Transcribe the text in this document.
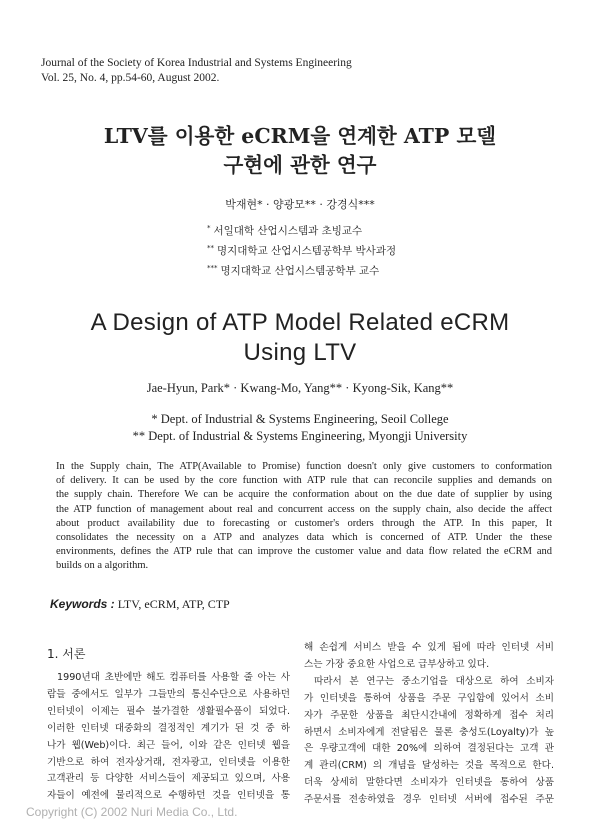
Journal of the Society of Korea Industrial and Systems Engineering
Vol. 25, No. 4, pp.54-60, August 2002.
LTV를 이용한 eCRM을 연계한 ATP 모델
구현에 관한 연구
박재현* · 양광모** · 강경식***
* 서일대학 산업시스템과 초빙교수
** 명지대학교 산업시스템공학부 박사과정
*** 명지대학교 산업시스템공학부 교수
A Design of ATP Model Related eCRM
Using LTV
Jae-Hyun, Park* · Kwang-Mo, Yang** · Kyong-Sik, Kang**
* Dept. of Industrial & Systems Engineering, Seoil College
** Dept. of Industrial & Systems Engineering, Myongji University
In the Supply chain, The ATP(Available to Promise) function doesn't only give customers to conformation
of delivery. It can be used by the core function with ATP rule that can reconcile supplies and demands on
the supply chain. Therefore We can be acquire the conformation about on the due date of supplier by using
the ATP function of management about real and concurrent access on the supply chain, also decide the affect
about product availability due to forecasting or customer's orders through the ATP. In this paper, It
consolidates the necessity on a ATP and analyzes data which is concerned of ATP. Under the these
environments, defines the ATP rule that can improve the customer value and data flow related the eCRM and
builds on a algorithm.
Keywords : LTV, eCRM, ATP, CTP
1. 서론
1990년대 초반에만 해도 컴퓨터를 사용할 줄 아는 사
람들 중에서도 일부가 그들만의 통신수단으로 사용하던
인터넷이 이제는 필수 불가결한 생활필수품이 되었다.
이러한 인터넷 대중화의 결정적인 계기가 된 것 중 하
나가 웹(Web)이다. 최근 들어, 이와 같은 인터넷 웹을
기반으로 하여 전자상거래, 전자광고, 인터넷을 이용한
고객관리 등 다양한 서비스들이 제공되고 있으며, 사용
자들이 예전에 물리적으로 수행하던 것을 인터넷을 통
해 손쉽게 서비스 받을 수 있게 됨에 따라 인터넷 서비
스는 가장 중요한 사업으로 급부상하고 있다.
따라서 본 연구는 중소기업을 대상으로 하여 소비자
가 인터넷을 통하여 상품을 주문 구입함에 있어서 소비
자가 주문한 상품을 최단시간내에 정확하게 접수 처리
하면서 소비자에게 전달됨은 물론 충성도(Loyalty)가 높
은 우량고객에 대한 20%에 의하여 결정된다는 고객 관
계 관리(CRM) 의 개념을 달성하는 것을 목적으로 한다.
더욱 상세히 말한다면 소비자가 인터넷을 통하여 상품
주문서를 전송하였을 경우 인터넷 서버에 접수된 주문
Copyright (C) 2002 Nuri Media Co., Ltd.
